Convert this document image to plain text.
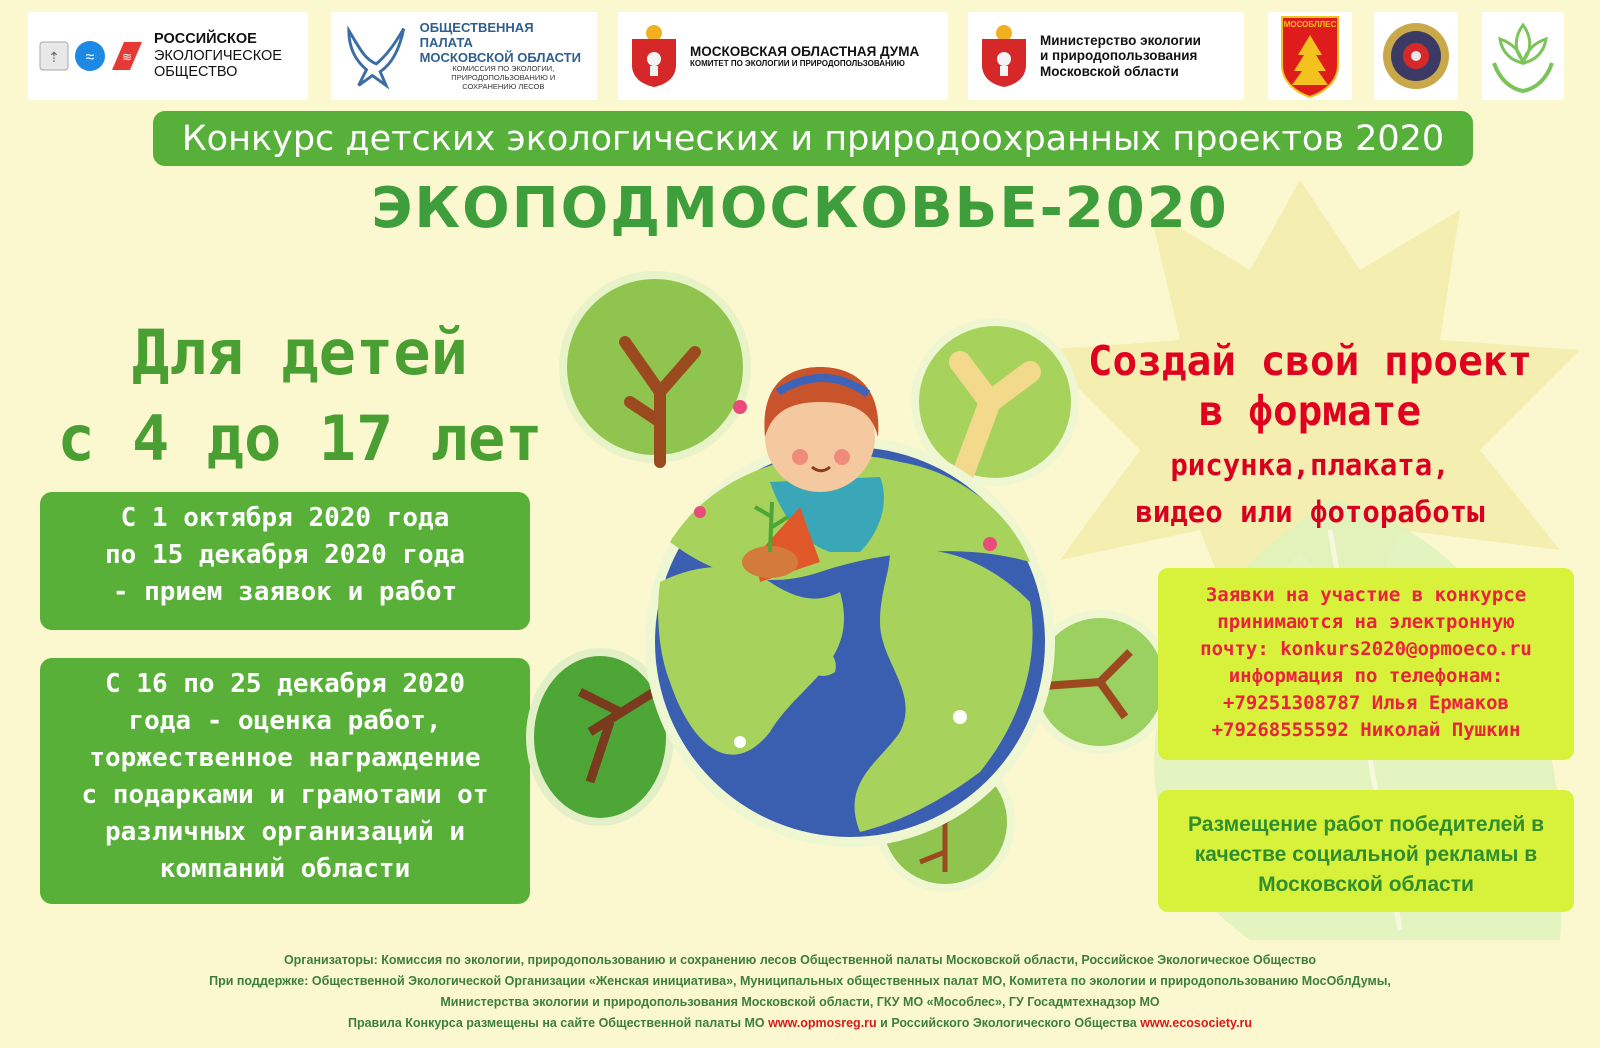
⇡ ≈ ≋
РОССИЙСКОЕ
ЭКОЛОГИЧЕСКОЕ
ОБЩЕСТВО
ОБЩЕСТВЕННАЯ ПАЛАТА
МОСКОВСКОЙ ОБЛАСТИ
КОМИССИЯ ПО ЭКОЛОГИИ,
ПРИРОДОПОЛЬЗОВАНИЮ И
СОХРАНЕНИЮ ЛЕСОВ
МОСКОВСКАЯ ОБЛАСТНАЯ ДУМА
КОМИТЕТ ПО ЭКОЛОГИИ И ПРИРОДОПОЛЬЗОВАНИЮ
Министерство экологии
и природопользования
Московской области
МОСОБЛЛЕС
Конкурс детских экологических и природоохранных проектов 2020
ЭКОПОДМОСКОВЬЕ-2020
Для детей
с 4 до 17 лет
С 1 октября 2020 года
по 15 декабря 2020 года
- прием заявок и работ
С 16 по 25 декабря 2020
года - оценка работ,
торжественное награждение
с подарками и грамотами от
различных организаций и
компаний области
Создай свой проект
в формате
рисунка,плаката,
видео или фотоработы
Заявки на участие в конкурсе
принимаются на электронную
почту: konkurs2020@opmoeco.ru
информация по телефонам:
+79251308787 Илья Ермаков
+79268555592 Николай Пушкин
Размещение работ победителей в
качестве социальной рекламы в
Московской области
Организаторы: Комиссия по экологии, природопользованию и сохранению лесов Общественной палаты Московской области, Российское Экологическое Общество
При поддержке: Общественной Экологической Организации «Женская инициатива», Муниципальных общественных палат МО, Комитета по экологии и природопользованию МосОблДумы,
Министерства экологии и природопользования Московской области, ГКУ МО «Мособлес», ГУ Госадмтехнадзор МО
Правила Конкурса размещены на сайте Общественной палаты МО www.opmosreg.ru и Российского Экологического Общества www.ecosociety.ru
